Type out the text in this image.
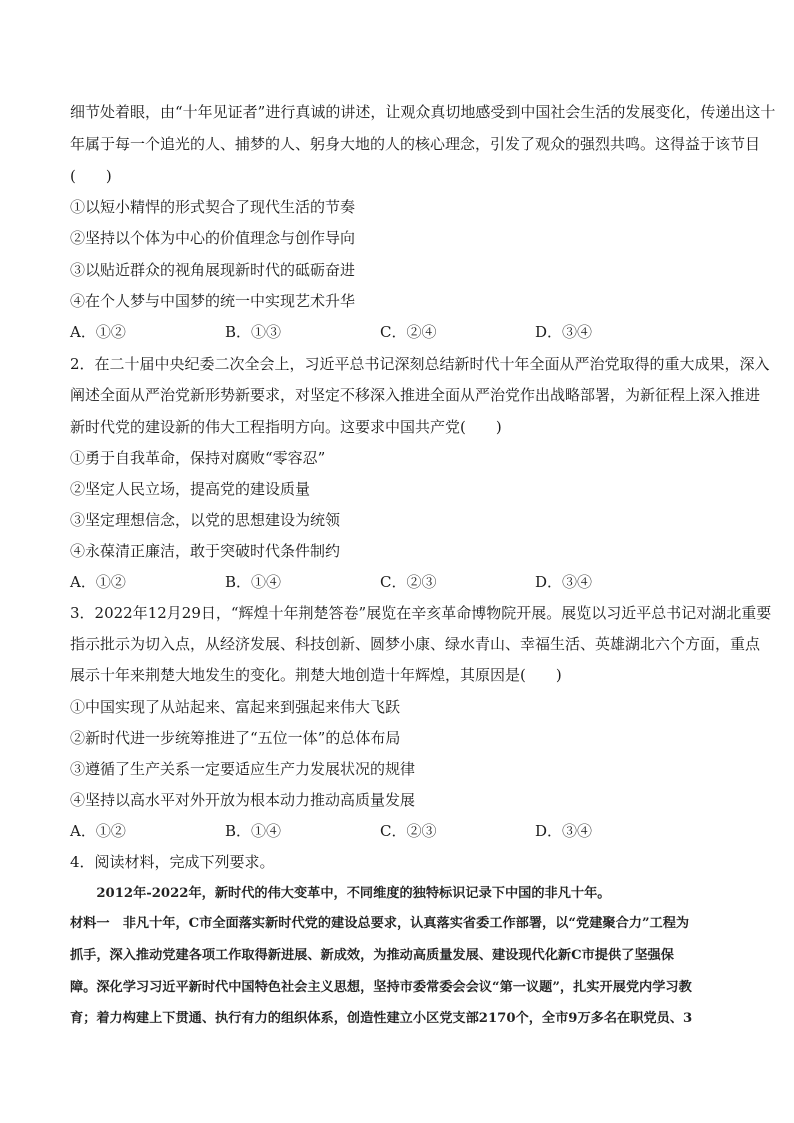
细节处着眼，由“十年见证者”进行真诚的讲述，让观众真切地感受到中国社会生活的发展变化，传递出这十
年属于每一个追光的人、捕梦的人、躬身大地的人的核心理念，引发了观众的强烈共鸣。这得益于该节目
(　　)
①以短小精悍的形式契合了现代生活的节奏
②坚持以个体为中心的价值理念与创作导向
③以贴近群众的视角展现新时代的砥砺奋进
④在个人梦与中国梦的统一中实现艺术升华
A．①②	B．①③	C．②④	D．③④
2．在二十届中央纪委二次全会上，习近平总书记深刻总结新时代十年全面从严治党取得的重大成果，深入
阐述全面从严治党新形势新要求，对坚定不移深入推进全面从严治党作出战略部署，为新征程上深入推进
新时代党的建设新的伟大工程指明方向。这要求中国共产党(　　)
①勇于自我革命，保持对腐败“零容忍”
②坚定人民立场，提高党的建设质量
③坚定理想信念，以党的思想建设为统领
④永葆清正廉洁，敢于突破时代条件制约
A．①②	B．①④	C．②③	D．③④
3．2022年12月29日，“辉煌十年荆楚答卷”展览在辛亥革命博物院开展。展览以习近平总书记对湖北重要
指示批示为切入点，从经济发展、科技创新、圆梦小康、绿水青山、幸福生活、英雄湖北六个方面，重点
展示十年来荆楚大地发生的变化。荆楚大地创造十年辉煌，其原因是(　　)
①中国实现了从站起来、富起来到强起来伟大飞跃
②新时代进一步统筹推进了“五位一体”的总体布局
③遵循了生产关系一定要适应生产力发展状况的规律
④坚持以高水平对外开放为根本动力推动高质量发展
A．①②	B．①④	C．②③	D．③④
4．阅读材料，完成下列要求。
　　2012年-2022年，新时代的伟大变革中，不同维度的独特标识记录下中国的非凡十年。
材料一　非凡十年，C市全面落实新时代党的建设总要求，认真落实省委工作部署，以“党建聚合力”工程为
抓手，深入推动党建各项工作取得新进展、新成效，为推动高质量发展、建设现代化新C市提供了坚强保
障。深化学习习近平新时代中国特色社会主义思想，坚持市委常委会会议“第一议题”，扎实开展党内学习教
育；着力构建上下贯通、执行有力的组织体系，创造性建立小区党支部2170个，全市9万多名在职党员、3
